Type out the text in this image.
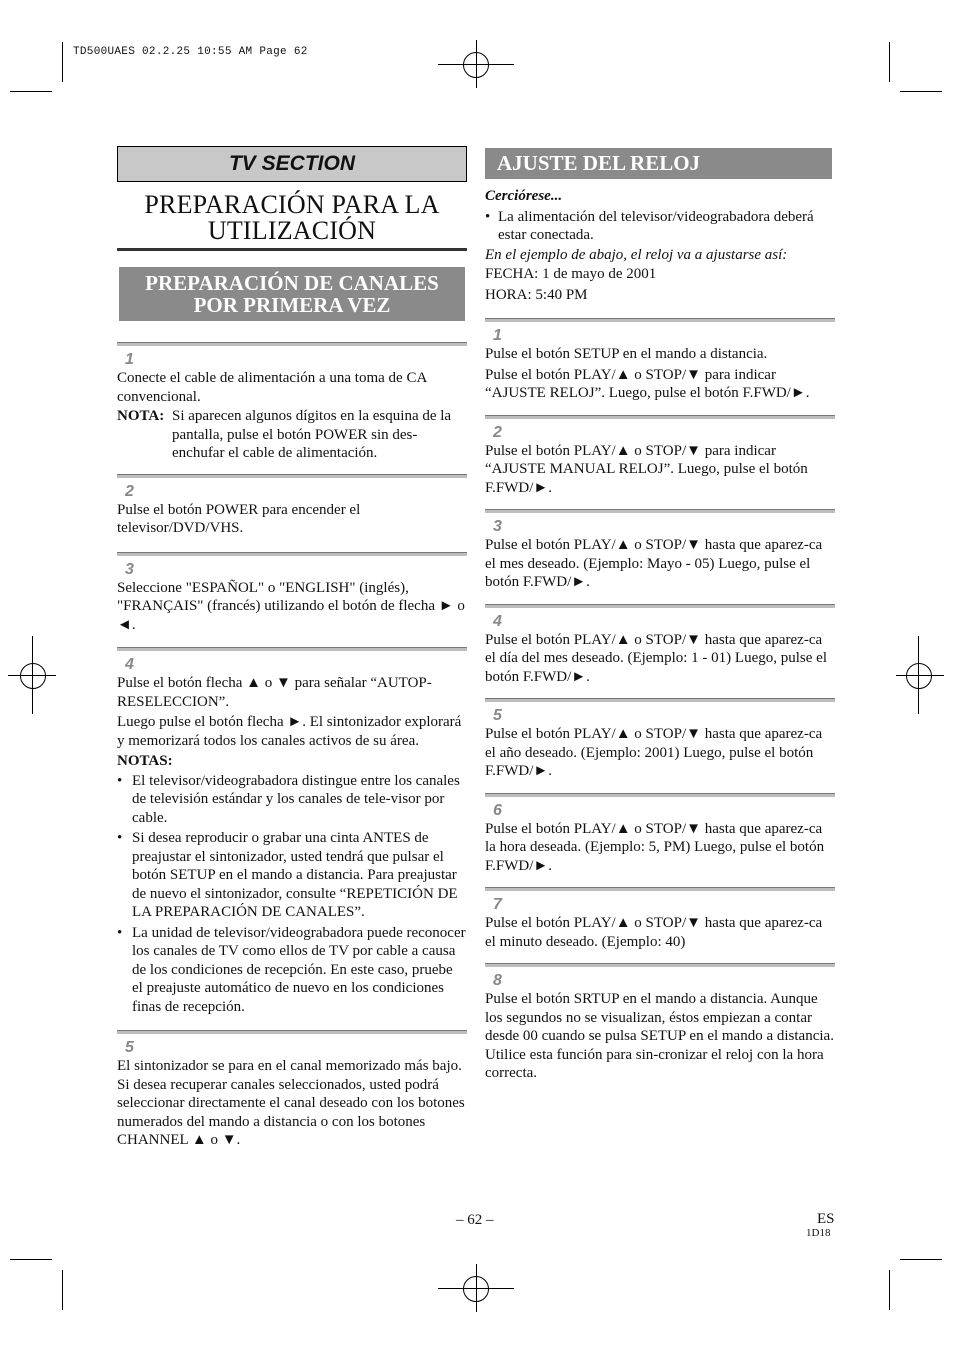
TD500UAES 02.2.25 10:55 AM Page 62
TV SECTION
PREPARACIÓN PARA LA
UTILIZACIÓN
PREPARACIÓN DE CANALES
POR PRIMERA VEZ
1

Conecte el cable de alimentación a una toma de CA convencional.

NOTA: Si aparecen algunos dígitos en la esquina de la pantalla, pulse el botón POWER sin des-enchufar el cable de alimentación.
2

Pulse el botón POWER para encender el televisor/DVD/VHS.

3

Seleccione "ESPAÑOL" o "ENGLISH" (inglés), "FRANÇAIS" (francés) utilizando el botón de flecha ► o ◄.

4

Pulse el botón flecha ▲ o ▼ para señalar “AUTOP-RESELECCION”.

Luego pulse el botón flecha ►. El sintonizador explorará y memorizará todos los canales activos de su área.

NOTAS:

• El televisor/videograbadora distingue entre los canales de televisión estándar y los canales de tele-visor por cable.
• Si desea reproducir o grabar una cinta ANTES de preajustar el sintonizador, usted tendrá que pulsar el botón SETUP en el mando a distancia. Para preajustar de nuevo el sintonizador, consulte “REPETICIÓN DE LA PREPARACIÓN DE CANALES”.
• La unidad de televisor/videograbadora puede reconocer los canales de TV como ellos de TV por cable a causa de los condiciones de recepción. En este caso, pruebe el preajuste automático de nuevo en los condiciones finas de recepción.
5

El sintonizador se para en el canal memorizado más bajo. Si desea recuperar canales seleccionados, usted podrá seleccionar directamente el canal deseado con los botones numerados del mando a distancia o con los botones CHANNEL ▲ o ▼.

AJUSTE DEL RELOJ

Cerciórese...

• La alimentación del televisor/videograbadora deberá estar conectada.

En el ejemplo de abajo, el reloj va a ajustarse así:

FECHA: 1 de mayo de 2001

HORA: 5:40 PM

1

Pulse el botón SETUP en el mando a distancia.

Pulse el botón PLAY/▲ o STOP/▼ para indicar “AJUSTE RELOJ”. Luego, pulse el botón F.FWD/►.

2

Pulse el botón PLAY/▲ o STOP/▼ para indicar “AJUSTE MANUAL RELOJ”. Luego, pulse el botón F.FWD/►.

3

Pulse el botón PLAY/▲ o STOP/▼ hasta que aparez-ca el mes deseado. (Ejemplo: Mayo - 05) Luego, pulse el botón F.FWD/►.

4

Pulse el botón PLAY/▲ o STOP/▼ hasta que aparez-ca el día del mes deseado. (Ejemplo: 1 - 01) Luego, pulse el botón F.FWD/►.

5

Pulse el botón PLAY/▲ o STOP/▼ hasta que aparez-ca el año deseado. (Ejemplo: 2001) Luego, pulse el botón F.FWD/►.

6

Pulse el botón PLAY/▲ o STOP/▼ hasta que aparez-ca la hora deseada. (Ejemplo: 5, PM) Luego, pulse el botón F.FWD/►.

7

Pulse el botón PLAY/▲ o STOP/▼ hasta que aparez-ca el minuto deseado. (Ejemplo: 40)

8

Pulse el botón SRTUP en el mando a distancia. Aunque los segundos no se visualizan, éstos empiezan a contar desde 00 cuando se pulsa SETUP en el mando a distancia. Utilice esta función para sin-cronizar el reloj con la hora correcta.

– 62 –	ES
1D18
